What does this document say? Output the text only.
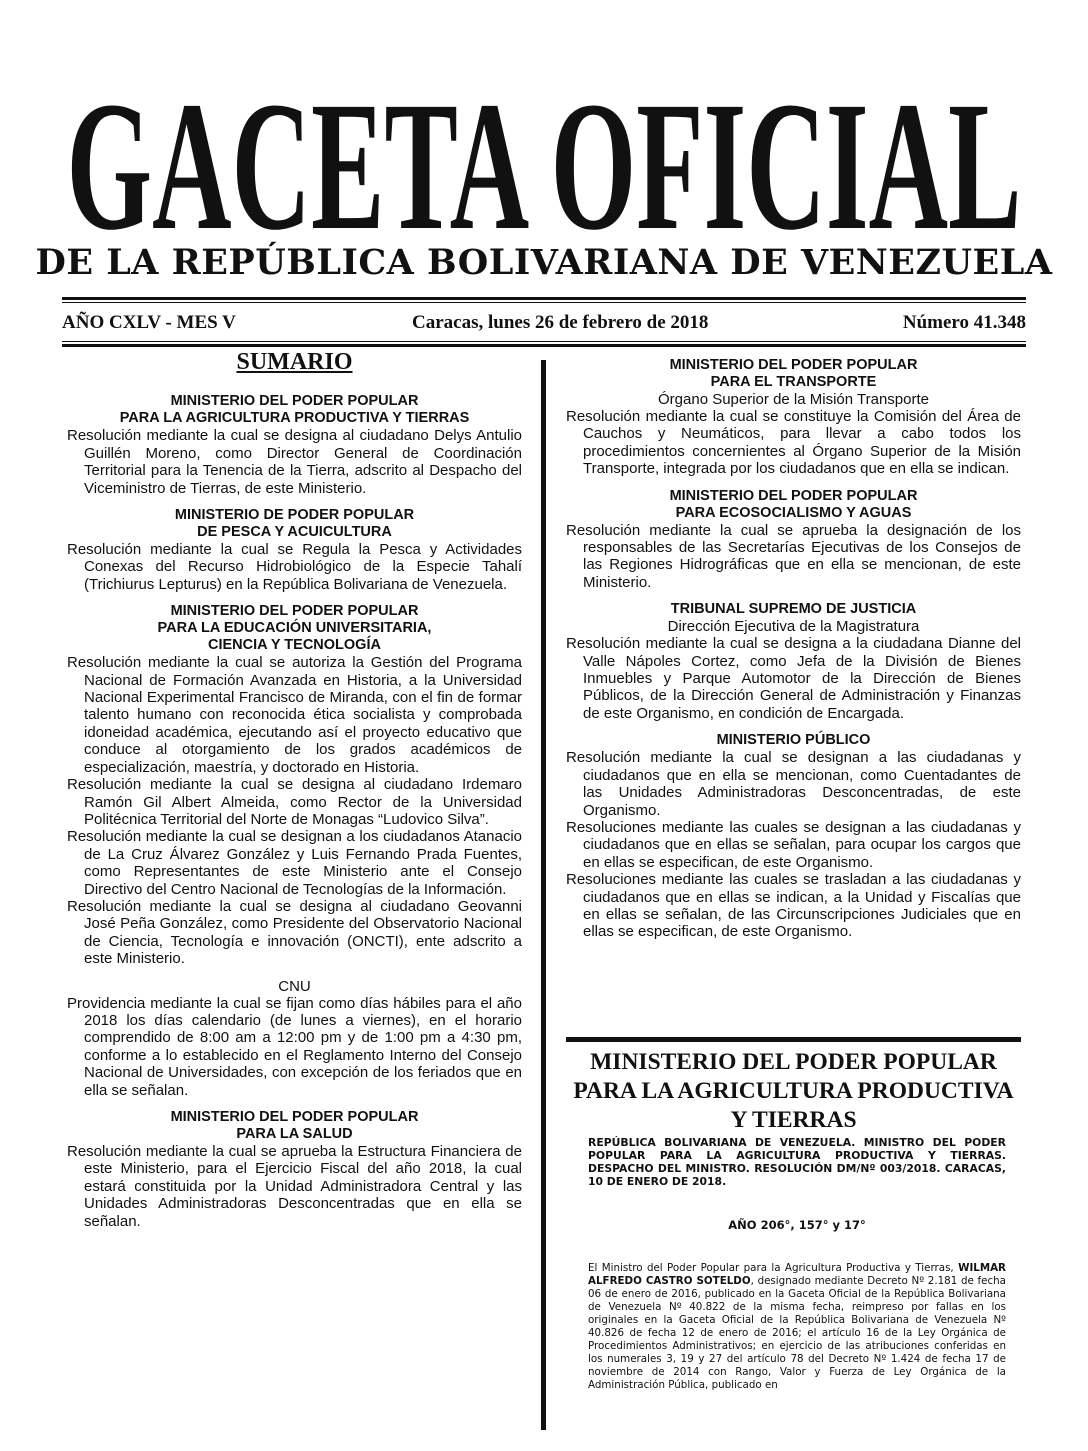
GACETA OFICIAL
DE LA REPÚBLICA BOLIVARIANA DE VENEZUELA
AÑO CXLV - MES V	Caracas, lunes 26 de febrero de 2018	Número 41.348
SUMARIO
MINISTERIO DEL PODER POPULAR
PARA LA AGRICULTURA PRODUCTIVA Y TIERRAS

Resolución mediante la cual se designa al ciudadano Delys Antulio Guillén Moreno, como Director General de Coordinación Territorial para la Tenencia de la Tierra, adscrito al Despacho del Viceministro de Tierras, de este Ministerio.

MINISTERIO DE PODER POPULAR
DE PESCA Y ACUICULTURA

Resolución mediante la cual se Regula la Pesca y Actividades Conexas del Recurso Hidrobiológico de la Especie Tahalí (Trichiurus Lepturus) en la República Bolivariana de Venezuela.

MINISTERIO DEL PODER POPULAR
PARA LA EDUCACIÓN UNIVERSITARIA,
CIENCIA Y TECNOLOGÍA

Resolución mediante la cual se autoriza la Gestión del Programa Nacional de Formación Avanzada en Historia, a la Universidad Nacional Experimental Francisco de Miranda, con el fin de formar talento humano con reconocida ética socialista y comprobada idoneidad académica, ejecutando así el proyecto educativo que conduce al otorgamiento de los grados académicos de especialización, maestría, y doctorado en Historia.

Resolución mediante la cual se designa al ciudadano Irdemaro Ramón Gil Albert Almeida, como Rector de la Universidad Politécnica Territorial del Norte de Monagas “Ludovico Silva”.

Resolución mediante la cual se designan a los ciudadanos Atanacio de La Cruz Álvarez González y Luis Fernando Prada Fuentes, como Representantes de este Ministerio ante el Consejo Directivo del Centro Nacional de Tecnologías de la Información.

Resolución mediante la cual se designa al ciudadano Geovanni José Peña González, como Presidente del Observatorio Nacional de Ciencia, Tecnología e innovación (ONCTI), ente adscrito a este Ministerio.

CNU

Providencia mediante la cual se fijan como días hábiles para el año 2018 los días calendario (de lunes a viernes), en el horario comprendido de 8:00 am a 12:00 pm y de 1:00 pm a 4:30 pm, conforme a lo establecido en el Reglamento Interno del Consejo Nacional de Universidades, con excepción de los feriados que en ella se señalan.

MINISTERIO DEL PODER POPULAR
PARA LA SALUD

Resolución mediante la cual se aprueba la Estructura Financiera de este Ministerio, para el Ejercicio Fiscal del año 2018, la cual estará constituida por la Unidad Administradora Central y las Unidades Administradoras Desconcentradas que en ella se señalan.

MINISTERIO DEL PODER POPULAR
PARA EL TRANSPORTE
Órgano Superior de la Misión Transporte

Resolución mediante la cual se constituye la Comisión del Área de Cauchos y Neumáticos, para llevar a cabo todos los procedimientos concernientes al Órgano Superior de la Misión Transporte, integrada por los ciudadanos que en ella se indican.

MINISTERIO DEL PODER POPULAR
PARA ECOSOCIALISMO Y AGUAS

Resolución mediante la cual se aprueba la designación de los responsables de las Secretarías Ejecutivas de los Consejos de las Regiones Hidrográficas que en ella se mencionan, de este Ministerio.

TRIBUNAL SUPREMO DE JUSTICIA
Dirección Ejecutiva de la Magistratura

Resolución mediante la cual se designa a la ciudadana Dianne del Valle Nápoles Cortez, como Jefa de la División de Bienes Inmuebles y Parque Automotor de la Dirección de Bienes Públicos, de la Dirección General de Administración y Finanzas de este Organismo, en condición de Encargada.

MINISTERIO PÚBLICO

Resolución mediante la cual se designan a las ciudadanas y ciudadanos que en ella se mencionan, como Cuentadantes de las Unidades Administradoras Desconcentradas, de este Organismo.

Resoluciones mediante las cuales se designan a las ciudadanas y ciudadanos que en ellas se señalan, para ocupar los cargos que en ellas se especifican, de este Organismo.

Resoluciones mediante las cuales se trasladan a las ciudadanas y ciudadanos que en ellas se indican, a la Unidad y Fiscalías que en ellas se señalan, de las Circunscripciones Judiciales que en ellas se especifican, de este Organismo.

MINISTERIO DEL PODER POPULAR
PARA LA AGRICULTURA PRODUCTIVA
Y TIERRAS
REPÚBLICA BOLIVARIANA DE VENEZUELA. MINISTRO DEL PODER POPULAR PARA LA AGRICULTURA PRODUCTIVA Y TIERRAS. DESPACHO DEL MINISTRO. RESOLUCIÓN DM/Nº 003/2018. CARACAS, 10 DE ENERO DE 2018.
AÑO 206°, 157° y 17°
El Ministro del Poder Popular para la Agricultura Productiva y Tierras, WILMAR ALFREDO CASTRO SOTELDO, designado mediante Decreto Nº 2.181 de fecha 06 de enero de 2016, publicado en la Gaceta Oficial de la República Bolivariana de Venezuela Nº 40.822 de la misma fecha, reimpreso por fallas en los originales en la Gaceta Oficial de la República Bolivariana de Venezuela Nº 40.826 de fecha 12 de enero de 2016; el artículo 16 de la Ley Orgánica de Procedimientos Administrativos; en ejercicio de las atribuciones conferidas en los numerales 3, 19 y 27 del artículo 78 del Decreto Nº 1.424 de fecha 17 de noviembre de 2014 con Rango, Valor y Fuerza de Ley Orgánica de la Administración Pública, publicado en
